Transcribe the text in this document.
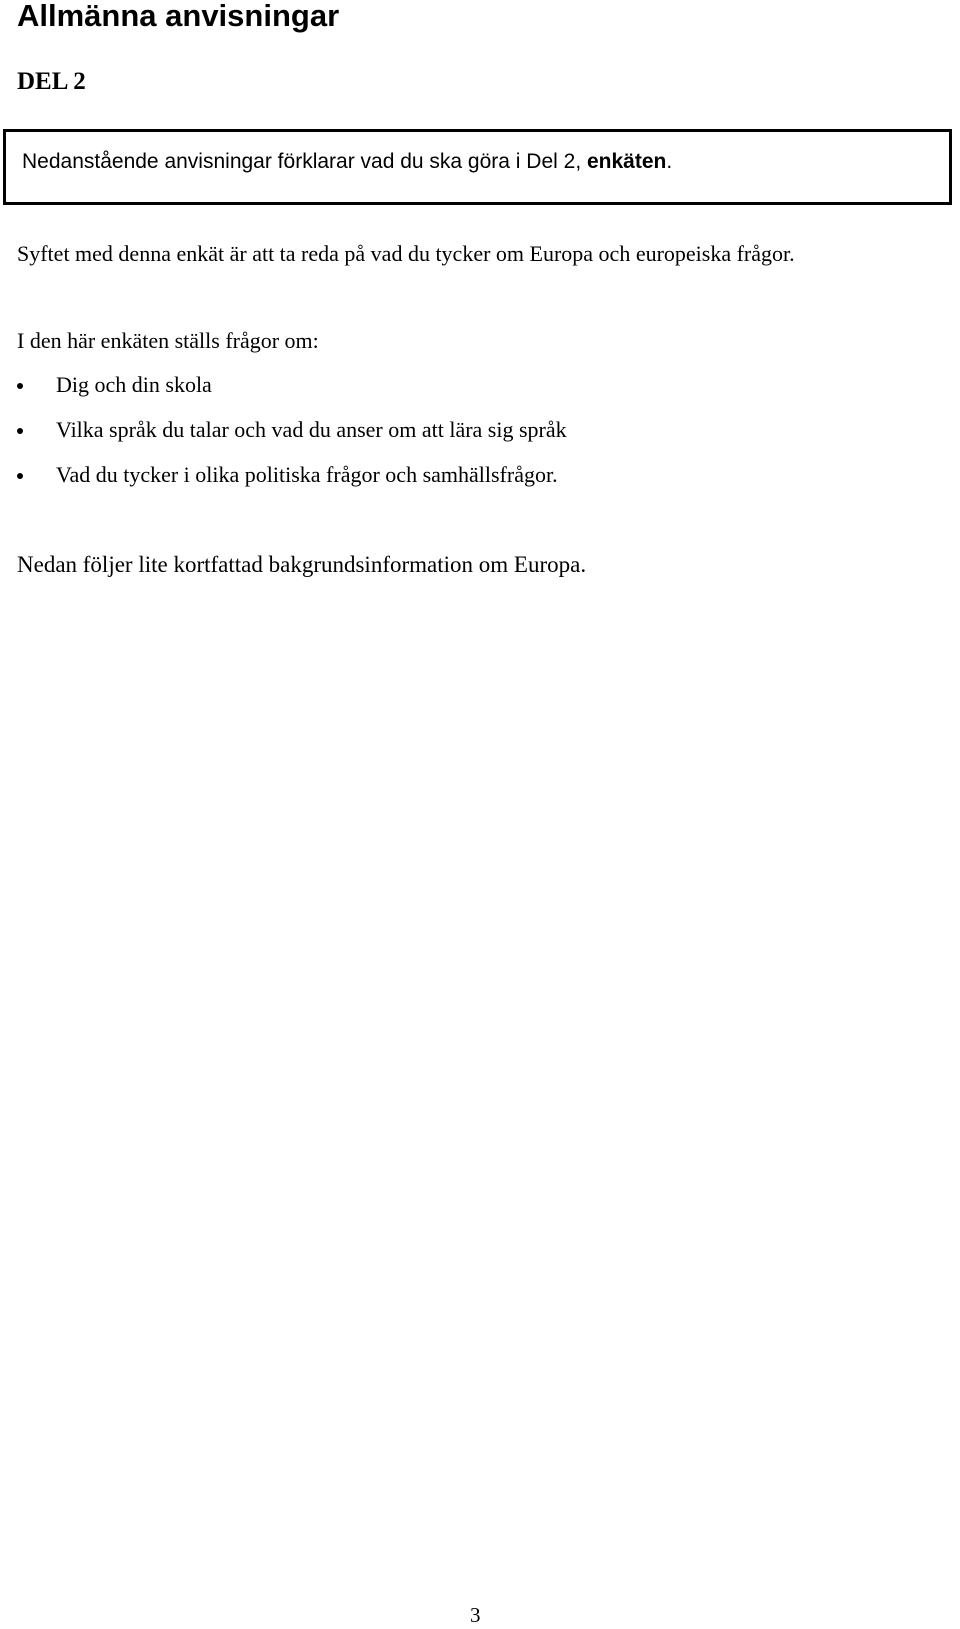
Allmänna anvisningar
DEL 2

Nedanstående anvisningar förklarar vad du ska göra i Del 2, enkäten.

Syftet med denna enkät är att ta reda på vad du tycker om Europa och europeiska frågor.

I den här enkäten ställs frågor om:

Dig och din skola
Vilka språk du talar och vad du anser om att lära sig språk
Vad du tycker i olika politiska frågor och samhällsfrågor.

Nedan följer lite kortfattad bakgrundsinformation om Europa.

3
